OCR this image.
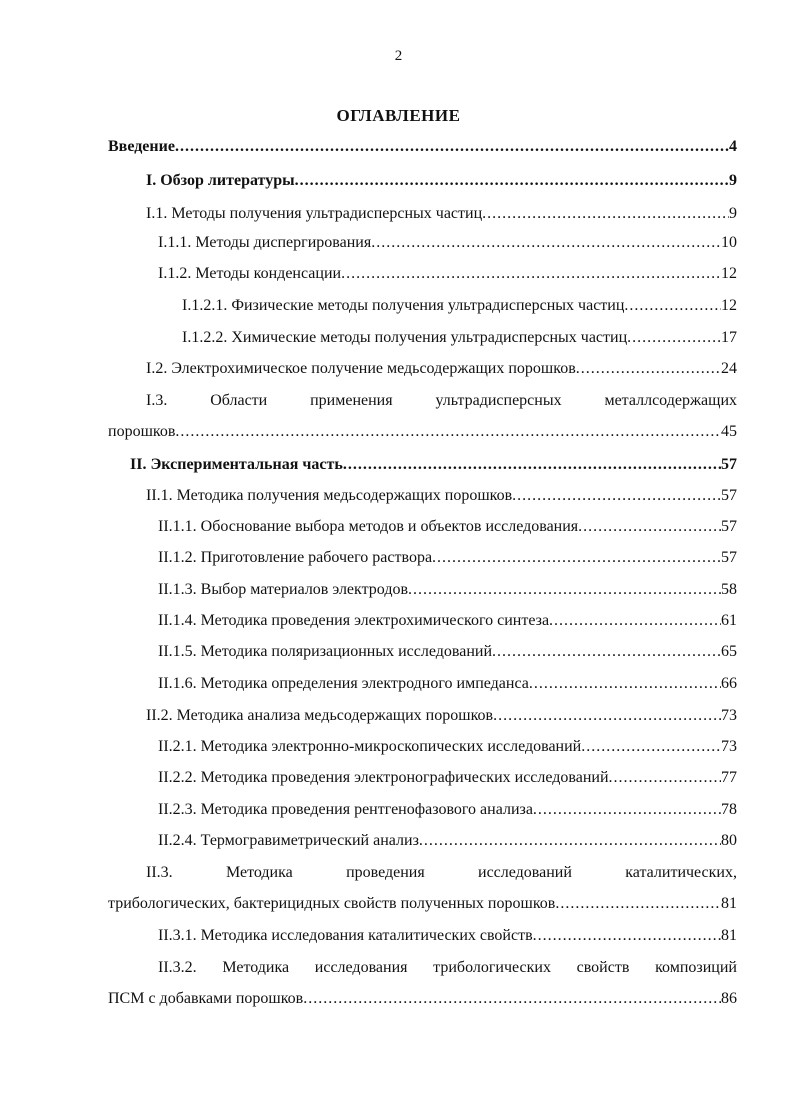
2
ОГЛАВЛЕНИЕ
Введение . . .	4
I. Обзор литературы . . .	9
I.1. Методы получения ультрадисперсных частиц . . .	9
I.1.1. Методы диспергирования . . .	10
I.1.2. Методы конденсации . . .	12
I.1.2.1. Физические методы получения ультрадисперсных частиц . . .	12
I.1.2.2. Химические методы получения ультрадисперсных частиц . . .	17
I.2. Электрохимическое получение медьсодержащих порошков . . .	24
I.3.	Области	применения	ультрадисперсных	металлсодержащих
порошков . . .	45
II. Экспериментальная часть . . .	57
II.1. Методика получения медьсодержащих порошков . . .	57
II.1.1. Обоснование выбора методов и объектов исследования . . .	57
II.1.2. Приготовление рабочего раствора . . .	57
II.1.3. Выбор материалов электродов . . .	58
II.1.4. Методика проведения электрохимического синтеза . . .	61
II.1.5. Методика поляризационных исследований . . .	65
II.1.6. Методика определения электродного импеданса . . .	66
II.2. Методика анализа медьсодержащих порошков . . .	73
II.2.1. Методика электронно-микроскопических исследований . . .	73
II.2.2. Методика проведения электронографических исследований . . .	77
II.2.3. Методика проведения рентгенофазового анализа . . .	78
II.2.4. Термогравиметрический анализ . . .	80
II.3.	Методика	проведения	исследований	каталитических,
трибологических, бактерицидных свойств полученных порошков . . .	81
II.3.1. Методика исследования каталитических свойств . . .	81
II.3.2. Методика исследования трибологических свойств композиций
ПСМ с добавками порошков . . .	86
